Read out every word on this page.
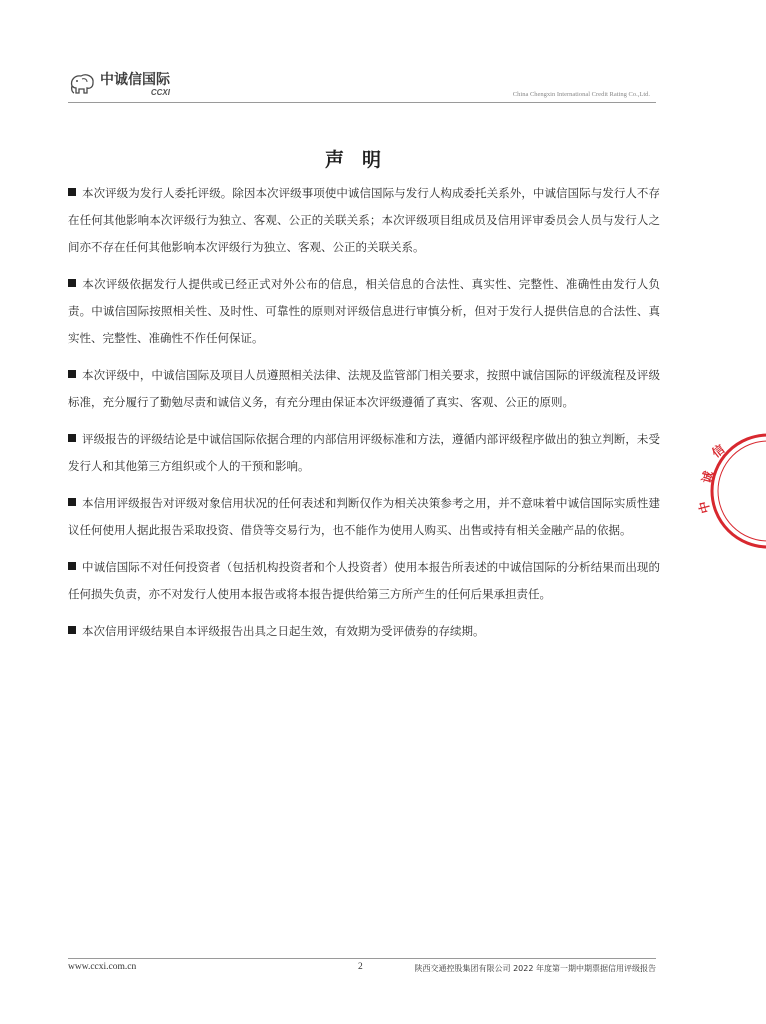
中诚信国际
CCXI	China Chengxin International Credit Rating Co.,Ltd.
声明
本次评级为发行人委托评级。除因本次评级事项使中诚信国际与发行人构成委托关系外，中诚信国际与发行人不存在任何其他影响本次评级行为独立、客观、公正的关联关系；本次评级项目组成员及信用评审委员会人员与发行人之间亦不存在任何其他影响本次评级行为独立、客观、公正的关联关系。
本次评级依据发行人提供或已经正式对外公布的信息，相关信息的合法性、真实性、完整性、准确性由发行人负责。中诚信国际按照相关性、及时性、可靠性的原则对评级信息进行审慎分析，但对于发行人提供信息的合法性、真实性、完整性、准确性不作任何保证。
本次评级中，中诚信国际及项目人员遵照相关法律、法规及监管部门相关要求，按照中诚信国际的评级流程及评级标准，充分履行了勤勉尽责和诚信义务，有充分理由保证本次评级遵循了真实、客观、公正的原则。
评级报告的评级结论是中诚信国际依据合理的内部信用评级标准和方法，遵循内部评级程序做出的独立判断，未受发行人和其他第三方组织或个人的干预和影响。
本信用评级报告对评级对象信用状况的任何表述和判断仅作为相关决策参考之用，并不意味着中诚信国际实质性建议任何使用人据此报告采取投资、借贷等交易行为，也不能作为使用人购买、出售或持有相关金融产品的依据。
中诚信国际不对任何投资者（包括机构投资者和个人投资者）使用本报告所表述的中诚信国际的分析结果而出现的任何损失负责，亦不对发行人使用本报告或将本报告提供给第三方所产生的任何后果承担责任。
本次信用评级结果自本评级报告出具之日起生效，有效期为受评债券的存续期。
信
诚
中
www.ccxi.com.cn	2	陕西交通控股集团有限公司 2022 年度第一期中期票据信用评级报告
